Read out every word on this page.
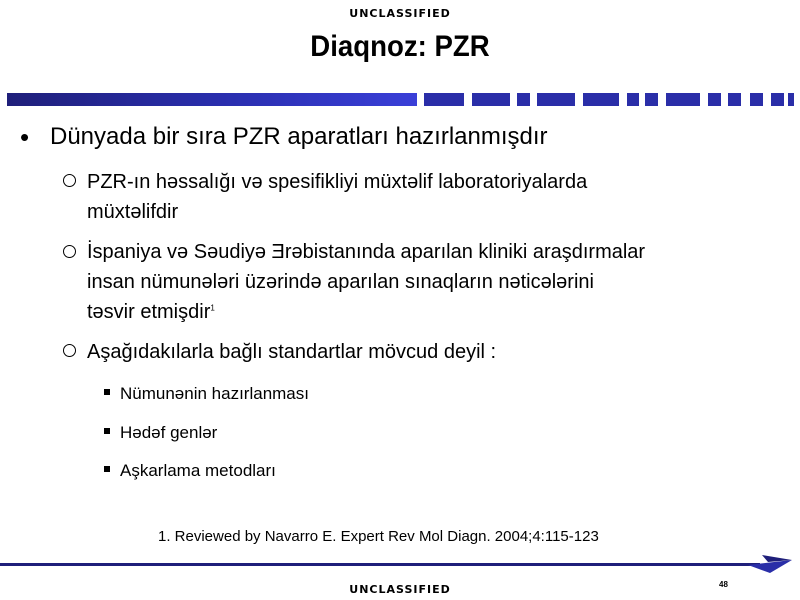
UNCLASSIFIED
Diaqnoz: PZR
• Dünyada bir sıra PZR aparatları hazırlanmışdır
PZR-ın hǝssalığı vǝ spesifikliyi müxtǝlif laboratoriyalarda
müxtǝlifdir
İspaniya vǝ Sǝudiyǝ Ǝrǝbistanında aparılan kliniki araşdırmalar
insan nümunǝlǝri üzǝrindǝ aparılan sınaqların nǝticǝlǝrini
tǝsvir etmişdir$^1$
Aşağıdakılarla bağlı standartlar mövcud deyil :
Nümunǝnin hazırlanması
Hǝdǝf genlǝr
Aşkarlama metodları
1. Reviewed by Navarro E. Expert Rev Mol Diagn. 2004;4:115-123
48
UNCLASSIFIED
